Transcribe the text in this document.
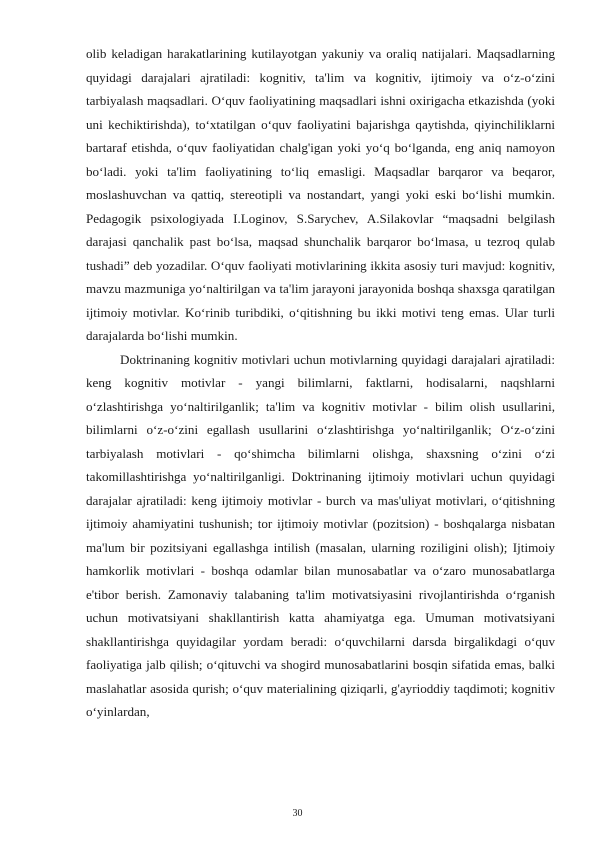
olib keladigan harakatlarining kutilayotgan yakuniy va oraliq natijalari. Maqsadlarning quyidagi darajalari ajratiladi: kognitiv, ta'lim va kognitiv, ijtimoiy va o‘z-o‘zini tarbiyalash maqsadlari. O‘quv faoliyatining maqsadlari ishni oxirigacha etkazishda (yoki uni kechiktirishda), to‘xtatilgan o‘quv faoliyatini bajarishga qaytishda, qiyinchiliklarni bartaraf etishda, o‘quv faoliyatidan chalg'igan yoki yo‘q bo‘lganda, eng aniq namoyon bo‘ladi. yoki ta'lim faoliyatining to‘liq emasligi. Maqsadlar barqaror va beqaror, moslashuvchan va qattiq, stereotipli va nostandart, yangi yoki eski bo‘lishi mumkin. Pedagogik psixologiyada I.Loginov, S.Sarychev, A.Silakovlar “maqsadni belgilash darajasi qanchalik past bo‘lsa, maqsad shunchalik barqaror bo‘lmasa, u tezroq qulab tushadi” deb yozadilar. O‘quv faoliyati motivlarining ikkita asosiy turi mavjud: kognitiv, mavzu mazmuniga yo‘naltirilgan va ta'lim jarayoni jarayonida boshqa shaxsga qaratilgan ijtimoiy motivlar. Ko‘rinib turibdiki, o‘qitishning bu ikki motivi teng emas. Ular turli darajalarda bo‘lishi mumkin.

Doktrinaning kognitiv motivlari uchun motivlarning quyidagi darajalari ajratiladi: keng kognitiv motivlar - yangi bilimlarni, faktlarni, hodisalarni, naqshlarni o‘zlashtirishga yo‘naltirilganlik; ta'lim va kognitiv motivlar - bilim olish usullarini, bilimlarni o‘z-o‘zini egallash usullarini o‘zlashtirishga yo‘naltirilganlik; O‘z-o‘zini tarbiyalash motivlari - qo‘shimcha bilimlarni olishga, shaxsning o‘zini o‘zi takomillashtirishga yo‘naltirilganligi. Doktrinaning ijtimoiy motivlari uchun quyidagi darajalar ajratiladi: keng ijtimoiy motivlar - burch va mas'uliyat motivlari, o‘qitishning ijtimoiy ahamiyatini tushunish; tor ijtimoiy motivlar (pozitsion) - boshqalarga nisbatan ma'lum bir pozitsiyani egallashga intilish (masalan, ularning roziligini olish); Ijtimoiy hamkorlik motivlari - boshqa odamlar bilan munosabatlar va o‘zaro munosabatlarga e'tibor berish. Zamonaviy talabaning ta'lim motivatsiyasini rivojlantirishda o‘rganish uchun motivatsiyani shakllantirish katta ahamiyatga ega. Umuman motivatsiyani shakllantirishga quyidagilar yordam beradi: o‘quvchilarni darsda birgalikdagi o‘quv faoliyatiga jalb qilish; o‘qituvchi va shogird munosabatlarini bosqin sifatida emas, balki maslahatlar asosida qurish; o‘quv materialining qiziqarli, g'ayrioddiy taqdimoti; kognitiv o‘yinlardan,

30
